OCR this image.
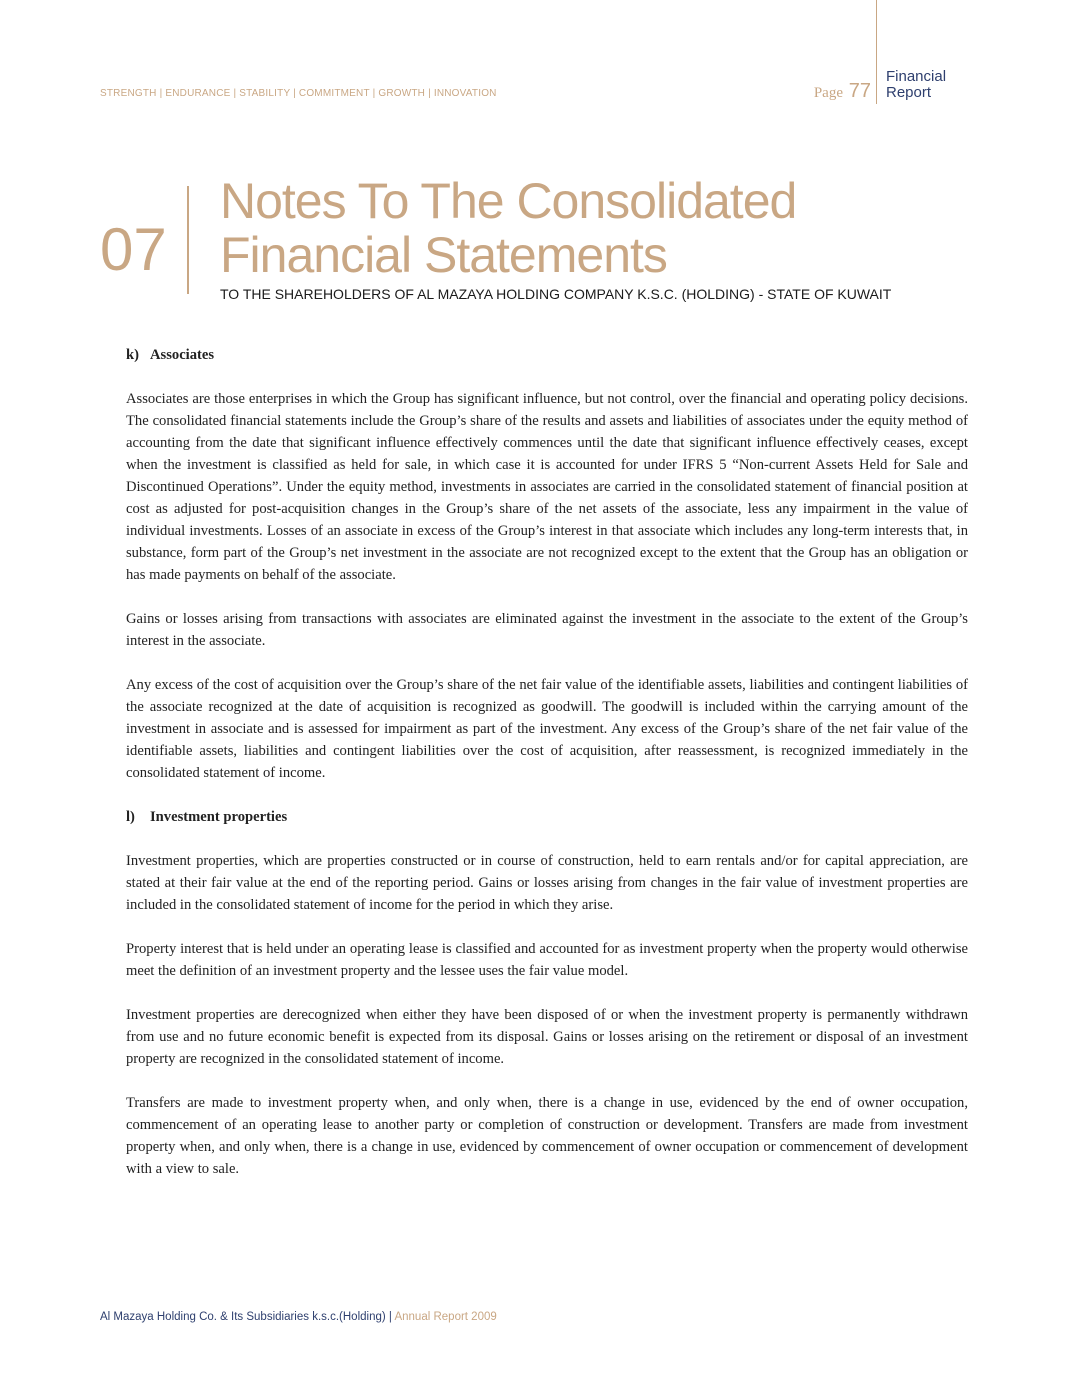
STRENGTH | ENDURANCE | STABILITY | COMMITMENT | GROWTH | INNOVATION	Page 77
Financial
Report
07
Notes To The Consolidated
Financial Statements
TO THE SHAREHOLDERS OF AL MAZAYA HOLDING COMPANY K.S.C. (HOLDING) - STATE OF KUWAIT
k) Associates

Associates are those enterprises in which the Group has significant influence, but not control, over the financial and operating policy decisions. The consolidated financial statements include the Group’s share of the results and assets and liabilities of associates under the equity method of accounting from the date that significant influence effectively commences until the date that significant influence effectively ceases, except when the investment is classified as held for sale, in which case it is accounted for under IFRS 5 “Non-current Assets Held for Sale and Discontinued Operations”. Under the equity method, investments in associates are carried in the consolidated statement of financial position at cost as adjusted for post-acquisition changes in the Group’s share of the net assets of the associate, less any impairment in the value of individual investments. Losses of an associate in excess of the Group’s interest in that associate which includes any long-term interests that, in substance, form part of the Group’s net investment in the associate are not recognized except to the extent that the Group has an obligation or has made payments on behalf of the associate.

Gains or losses arising from transactions with associates are eliminated against the investment in the associate to the extent of the Group’s interest in the associate.

Any excess of the cost of acquisition over the Group’s share of the net fair value of the identifiable assets, liabilities and contingent liabilities of the associate recognized at the date of acquisition is recognized as goodwill. The goodwill is included within the carrying amount of the investment in associate and is assessed for impairment as part of the investment. Any excess of the Group’s share of the net fair value of the identifiable assets, liabilities and contingent liabilities over the cost of acquisition, after reassessment, is recognized immediately in the consolidated statement of income.

l) Investment properties

Investment properties, which are properties constructed or in course of construction, held to earn rentals and/or for capital appreciation, are stated at their fair value at the end of the reporting period. Gains or losses arising from changes in the fair value of investment properties are included in the consolidated statement of income for the period in which they arise.

Property interest that is held under an operating lease is classified and accounted for as investment property when the property would otherwise meet the definition of an investment property and the lessee uses the fair value model.

Investment properties are derecognized when either they have been disposed of or when the investment property is permanently withdrawn from use and no future economic benefit is expected from its disposal. Gains or losses arising on the retirement or disposal of an investment property are recognized in the consolidated statement of income.

Transfers are made to investment property when, and only when, there is a change in use, evidenced by the end of owner occupation, commencement of an operating lease to another party or completion of construction or development. Transfers are made from investment property when, and only when, there is a change in use, evidenced by commencement of owner occupation or commencement of development with a view to sale.

Al Mazaya Holding Co. & Its Subsidiaries k.s.c.(Holding) | Annual Report 2009
